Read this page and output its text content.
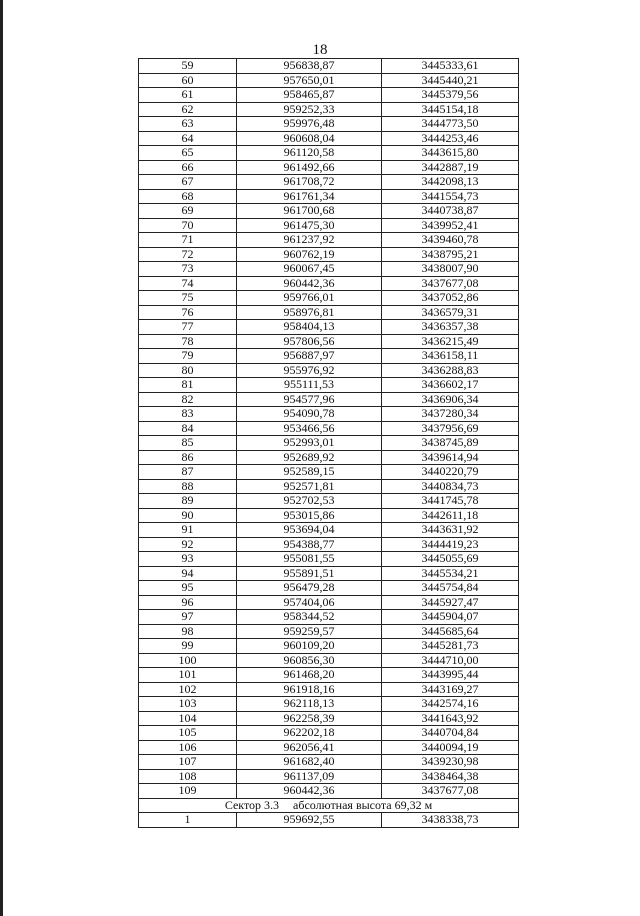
18
59	956838,87	3445333,61
60	957650,01	3445440,21
61	958465,87	3445379,56
62	959252,33	3445154,18
63	959976,48	3444773,50
64	960608,04	3444253,46
65	961120,58	3443615,80
66	961492,66	3442887,19
67	961708,72	3442098,13
68	961761,34	3441554,73
69	961700,68	3440738,87
70	961475,30	3439952,41
71	961237,92	3439460,78
72	960762,19	3438795,21
73	960067,45	3438007,90
74	960442,36	3437677,08
75	959766,01	3437052,86
76	958976,81	3436579,31
77	958404,13	3436357,38
78	957806,56	3436215,49
79	956887,97	3436158,11
80	955976,92	3436288,83
81	955111,53	3436602,17
82	954577,96	3436906,34
83	954090,78	3437280,34
84	953466,56	3437956,69
85	952993,01	3438745,89
86	952689,92	3439614,94
87	952589,15	3440220,79
88	952571,81	3440834,73
89	952702,53	3441745,78
90	953015,86	3442611,18
91	953694,04	3443631,92
92	954388,77	3444419,23
93	955081,55	3445055,69
94	955891,51	3445534,21
95	956479,28	3445754,84
96	957404,06	3445927,47
97	958344,52	3445904,07
98	959259,57	3445685,64
99	960109,20	3445281,73
100	960856,30	3444710,00
101	961468,20	3443995,44
102	961918,16	3443169,27
103	962118,13	3442574,16
104	962258,39	3441643,92
105	962202,18	3440704,84
106	962056,41	3440094,19
107	961682,40	3439230,98
108	961137,09	3438464,38
109	960442,36	3437677,08
Сектор 3.3 абсолютная высота 69,32 м		
1	959692,55	3438338,73
